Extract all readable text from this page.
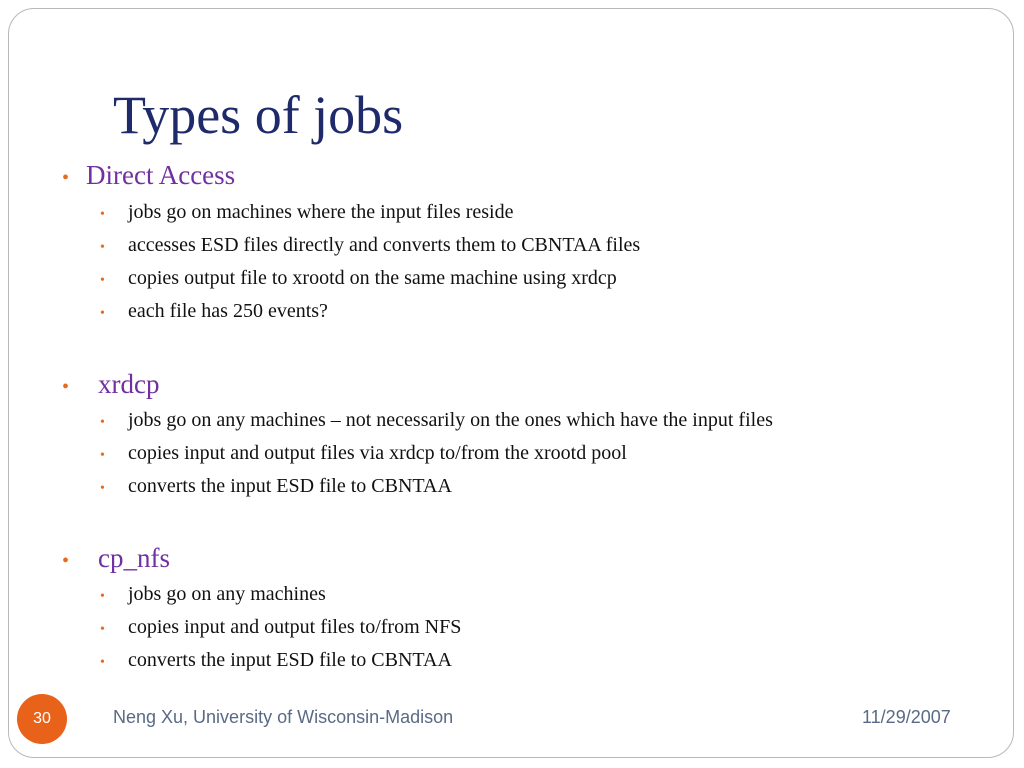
Types of jobs
• Direct Access
•	jobs go on machines where the input files reside
•	accesses ESD files directly and converts them to CBNTAA files
•	copies output file to xrootd on the same machine using xrdcp
•	each file has 250 events?
•	xrdcp
•	jobs go on any machines – not necessarily on the ones which have the input files
•	copies input and output files via xrdcp to/from the xrootd pool
•	converts the input ESD file to CBNTAA
•	cp_nfs
•	jobs go on any machines
•	copies input and output files to/from NFS
•	converts the input ESD file to CBNTAA
30	Neng Xu, University of Wisconsin-Madison	11/29/2007
